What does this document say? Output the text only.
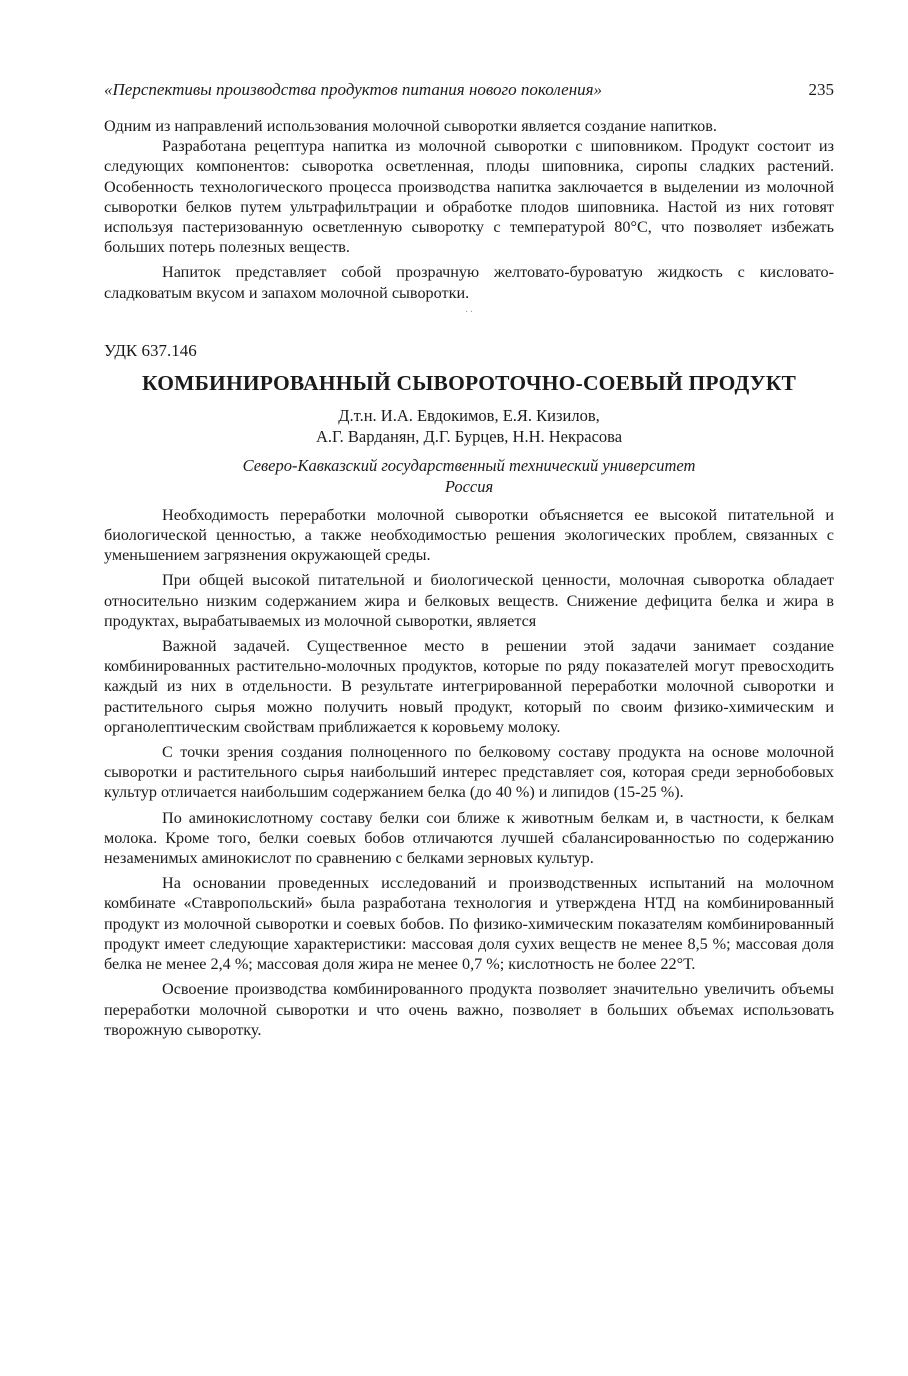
«Перспективы производства продуктов питания нового поколения»	235

Одним из направлений использования молочной сыворотки является создание напитков.

Разработана рецептура напитка из молочной сыворотки с шиповником. Продукт состоит из следующих компонентов: сыворотка осветленная, плоды шиповника, сиропы сладких растений. Особенность технологического процесса производства напитка заключается в выделении из молочной сыворотки белков путем ультрафильтрации и обработке плодов шиповника. Настой из них готовят используя пастеризованную осветленную сыворотку с температурой 80°С, что позволяет избежать больших потерь полезных веществ.

Напиток представляет собой прозрачную желтовато-буроватую жидкость с кисловато-сладковатым вкусом и запахом молочной сыворотки.

. .

УДК 637.146

КОМБИНИРОВАННЫЙ СЫВОРОТОЧНО-СОЕВЫЙ ПРОДУКТ

Д.т.н. И.А. Евдокимов, Е.Я. Кизилов,

А.Г. Варданян, Д.Г. Бурцев, Н.Н. Некрасова

Северо-Кавказский государственный технический университет

Россия

Необходимость переработки молочной сыворотки объясняется ее высокой питательной и биологической ценностью, а также необходимостью решения экологических проблем, связанных с уменьшением загрязнения окружающей среды.

При общей высокой питательной и биологической ценности, молочная сыворотка обладает относительно низким содержанием жира и белковых веществ. Снижение дефицита белка и жира в продуктах, вырабатываемых из молочной сыворотки, является

Важной задачей. Существенное место в решении этой задачи занимает создание комбинированных растительно-молочных продуктов, которые по ряду показателей могут превосходить каждый из них в отдельности. В результате интегрированной переработки молочной сыворотки и растительного сырья можно получить новый продукт, который по своим физико-химическим и органолептическим свойствам приближается к коровьему молоку.

С точки зрения создания полноценного по белковому составу продукта на основе молочной сыворотки и растительного сырья наибольший интерес представляет соя, которая среди зернобобовых культур отличается наибольшим содержанием белка (до 40 %) и липидов (15-25 %).

По аминокислотному составу белки сои ближе к животным белкам и, в частности, к белкам молока. Кроме того, белки соевых бобов отличаются лучшей сбалансированностью по содержанию незаменимых аминокислот по сравнению с белками зерновых культур.

На основании проведенных исследований и производственных испытаний на молочном комбинате «Ставропольский» была разработана технология и утверждена НТД на комбинированный продукт из молочной сыворотки и соевых бобов. По физико-химическим показателям комбинированный продукт имеет следующие характеристики: массовая доля сухих веществ не менее 8,5 %; массовая доля белка не менее 2,4 %; массовая доля жира не менее 0,7 %; кислотность не более 22°Т.

Освоение производства комбинированного продукта позволяет значительно увеличить объемы переработки молочной сыворотки и что очень важно, позволяет в больших объемах использовать творожную сыворотку.
